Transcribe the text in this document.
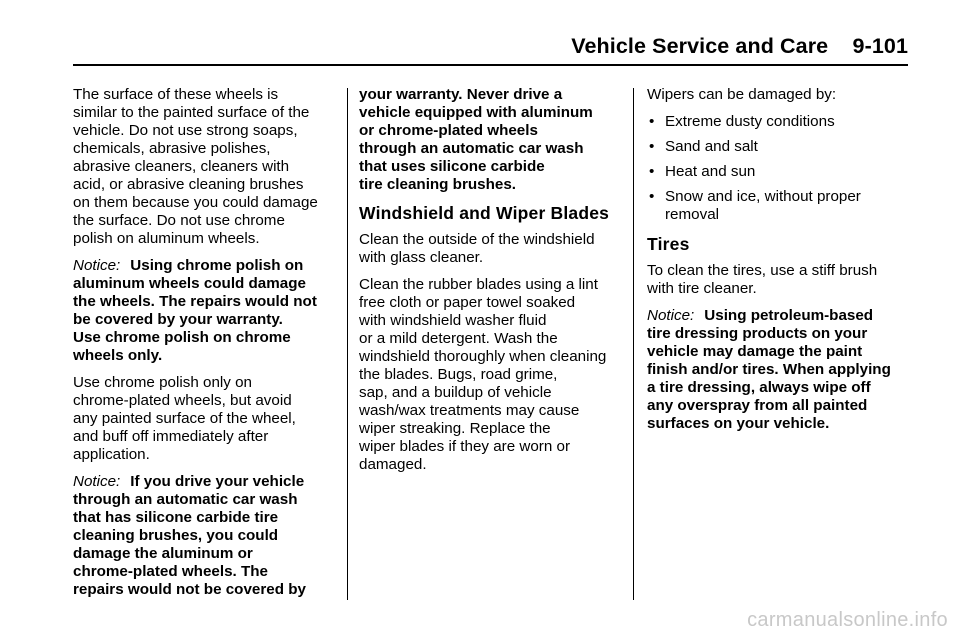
Vehicle Service and Care    9-101

The surface of these wheels is
similar to the painted surface of the
vehicle. Do not use strong soaps,
chemicals, abrasive polishes,
abrasive cleaners, cleaners with
acid, or abrasive cleaning brushes
on them because you could damage
the surface. Do not use chrome
polish on aluminum wheels.

Notice: Using chrome polish on
aluminum wheels could damage
the wheels. The repairs would not
be covered by your warranty.
Use chrome polish on chrome
wheels only.

Use chrome polish only on
chrome-plated wheels, but avoid
any painted surface of the wheel,
and buff off immediately after
application.

Notice: If you drive your vehicle
through an automatic car wash
that has silicone carbide tire
cleaning brushes, you could
damage the aluminum or
chrome-plated wheels. The
repairs would not be covered by

your warranty. Never drive a
vehicle equipped with aluminum
or chrome-plated wheels
through an automatic car wash
that uses silicone carbide
tire cleaning brushes.

Windshield and Wiper Blades

Clean the outside of the windshield
with glass cleaner.

Clean the rubber blades using a lint
free cloth or paper towel soaked
with windshield washer fluid
or a mild detergent. Wash the
windshield thoroughly when cleaning
the blades. Bugs, road grime,
sap, and a buildup of vehicle
wash/wax treatments may cause
wiper streaking. Replace the
wiper blades if they are worn or
damaged.

Wipers can be damaged by:

• Extreme dusty conditions
• Sand and salt
• Heat and sun
• Snow and ice, without proper
removal
Tires

To clean the tires, use a stiff brush
with tire cleaner.

Notice: Using petroleum-based
tire dressing products on your
vehicle may damage the paint
finish and/or tires. When applying
a tire dressing, always wipe off
any overspray from all painted
surfaces on your vehicle.

carmanualsonline.info
